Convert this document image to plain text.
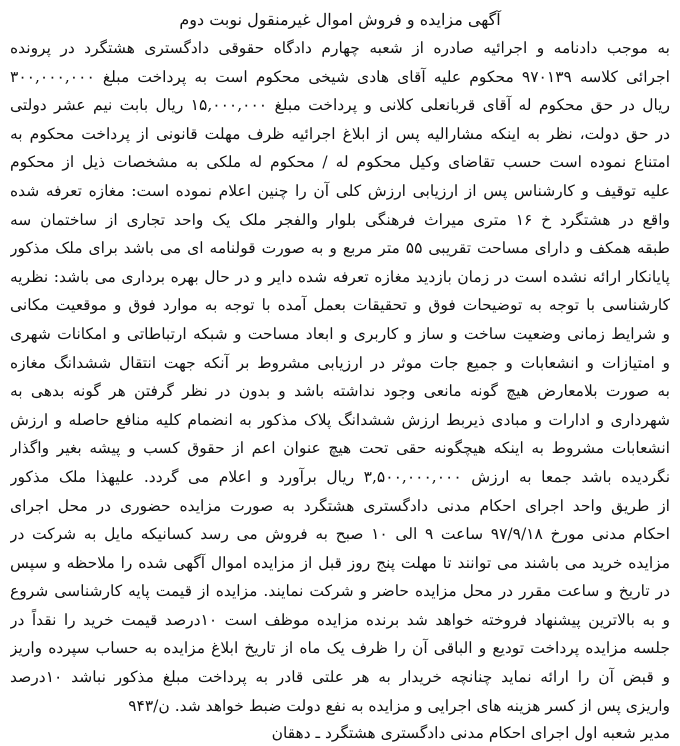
آگهی مزایده و فروش اموال غیرمنقول نوبت دوم
به موجب دادنامه و اجرائیه صادره از شعبه چهارم دادگاه حقوقی دادگستری هشتگرد در پرونده
اجرائی کلاسه ۹۷۰۱۳۹ محکوم علیه آقای هادی شیخی محکوم است به پرداخت مبلغ ۳۰۰,۰۰۰,۰۰۰
ریال در حق محکوم له آقای قربانعلی کلانی و پرداخت مبلغ ۱۵,۰۰۰,۰۰۰ ریال بابت نیم عشر دولتی
در حق دولت، نظر به اینکه مشارالیه پس از ابلاغ اجرائیه ظرف مهلت قانونی از پرداخت محکوم به
امتناع نموده است حسب تقاضای وکیل محکوم له / محکوم له ملکی به مشخصات ذیل از محکوم
علیه توقیف و کارشناس پس از ارزیابی ارزش کلی آن را چنین اعلام نموده است: مغازه تعرفه شده
واقع در هشتگرد خ ۱۶ متری میراث فرهنگی بلوار والفجر ملک یک واحد تجاری از ساختمان سه
طبقه همکف و دارای مساحت تقریبی ۵۵ متر مربع و به صورت قولنامه ای می باشد برای ملک مذکور
پایانکار ارائه نشده است در زمان بازدید مغازه تعرفه شده دایر و در حال بهره برداری می باشد: نظریه
کارشناسی با توجه به توضیحات فوق و تحقیقات بعمل آمده با توجه به موارد فوق و موقعیت مکانی
و شرایط زمانی وضعیت ساخت و ساز و کاربری و ابعاد مساحت و شبکه ارتباطاتی و امکانات شهری
و امتیازات و انشعابات و جمیع جات موثر در ارزیابی مشروط بر آنکه جهت انتقال ششدانگ مغازه
به صورت بلامعارض هیچ گونه مانعی وجود نداشته باشد و بدون در نظر گرفتن هر گونه بدهی به
شهرداری و ادارات و مبادی ذیربط ارزش ششدانگ پلاک مذکور به انضمام کلیه منافع حاصله و ارزش
انشعابات مشروط به اینکه هیچگونه حقی تحت هیچ عنوان اعم از حقوق کسب و پیشه بغیر واگذار
نگردیده باشد جمعا به ارزش ۳,۵۰۰,۰۰۰,۰۰۰ ریال برآورد و اعلام می گردد. علیهذا ملک مذکور
از طریق واحد اجرای احکام مدنی دادگستری هشتگرد به صورت مزایده حضوری در محل اجرای
احکام مدنی مورخ ۹۷/۹/۱۸ ساعت ۹ الی ۱۰ صبح به فروش می رسد کسانیکه مایل به شرکت در
مزایده خرید می باشند می توانند تا مهلت پنج روز قبل از مزایده اموال آگهی شده را ملاحظه و سپس
در تاریخ و ساعت مقرر در محل مزایده حاضر و شرکت نمایند. مزایده از قیمت پایه کارشناسی شروع
و به بالاترین پیشنهاد فروخته خواهد شد برنده مزایده موظف است ۱۰درصد قیمت خرید را نقداً در
جلسه مزایده پرداخت تودیع و الباقی آن را ظرف یک ماه از تاریخ ابلاغ مزایده به حساب سپرده واریز
و قبض آن را ارائه نماید چنانچه خریدار به هر علتی قادر به پرداخت مبلغ مذکور نباشد ۱۰درصد
واریزی پس از کسر هزینه های اجرایی و مزایده به نفع دولت ضبط خواهد شد. ن/۹۴۳
مدیر شعبه اول اجرای احکام مدنی دادگستری هشتگرد ـ دهقان
